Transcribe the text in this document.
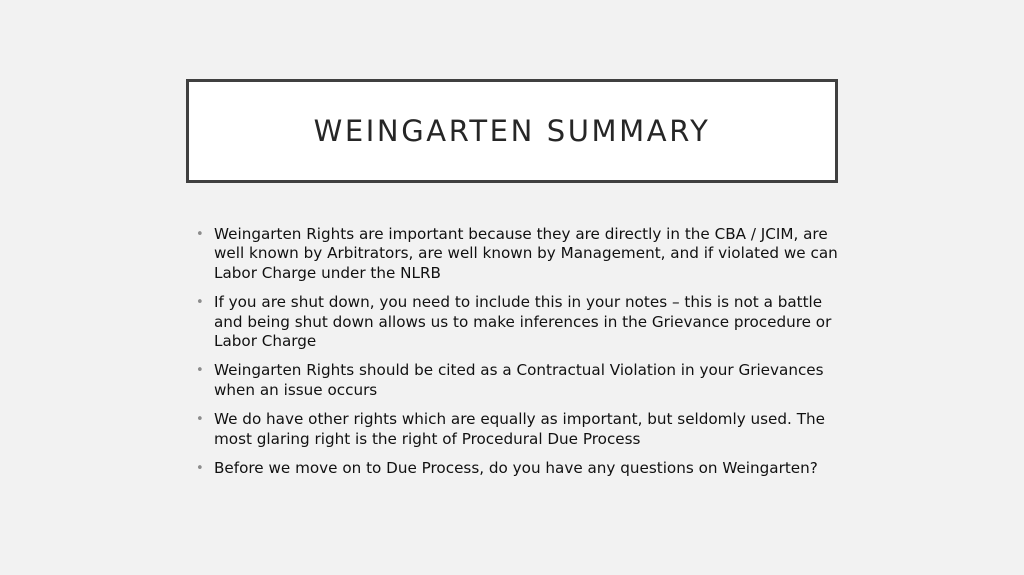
WEINGARTEN SUMMARY
• Weingarten Rights are important because they are directly in the CBA / JCIM, are well known by Arbitrators, are well known by Management, and if violated we can Labor Charge under the NLRB
• If you are shut down, you need to include this in your notes – this is not a battle and being shut down allows us to make inferences in the Grievance procedure or Labor Charge
• Weingarten Rights should be cited as a Contractual Violation in your Grievances when an issue occurs
• We do have other rights which are equally as important, but seldomly used. The most glaring right is the right of Procedural Due Process
• Before we move on to Due Process, do you have any questions on Weingarten?
